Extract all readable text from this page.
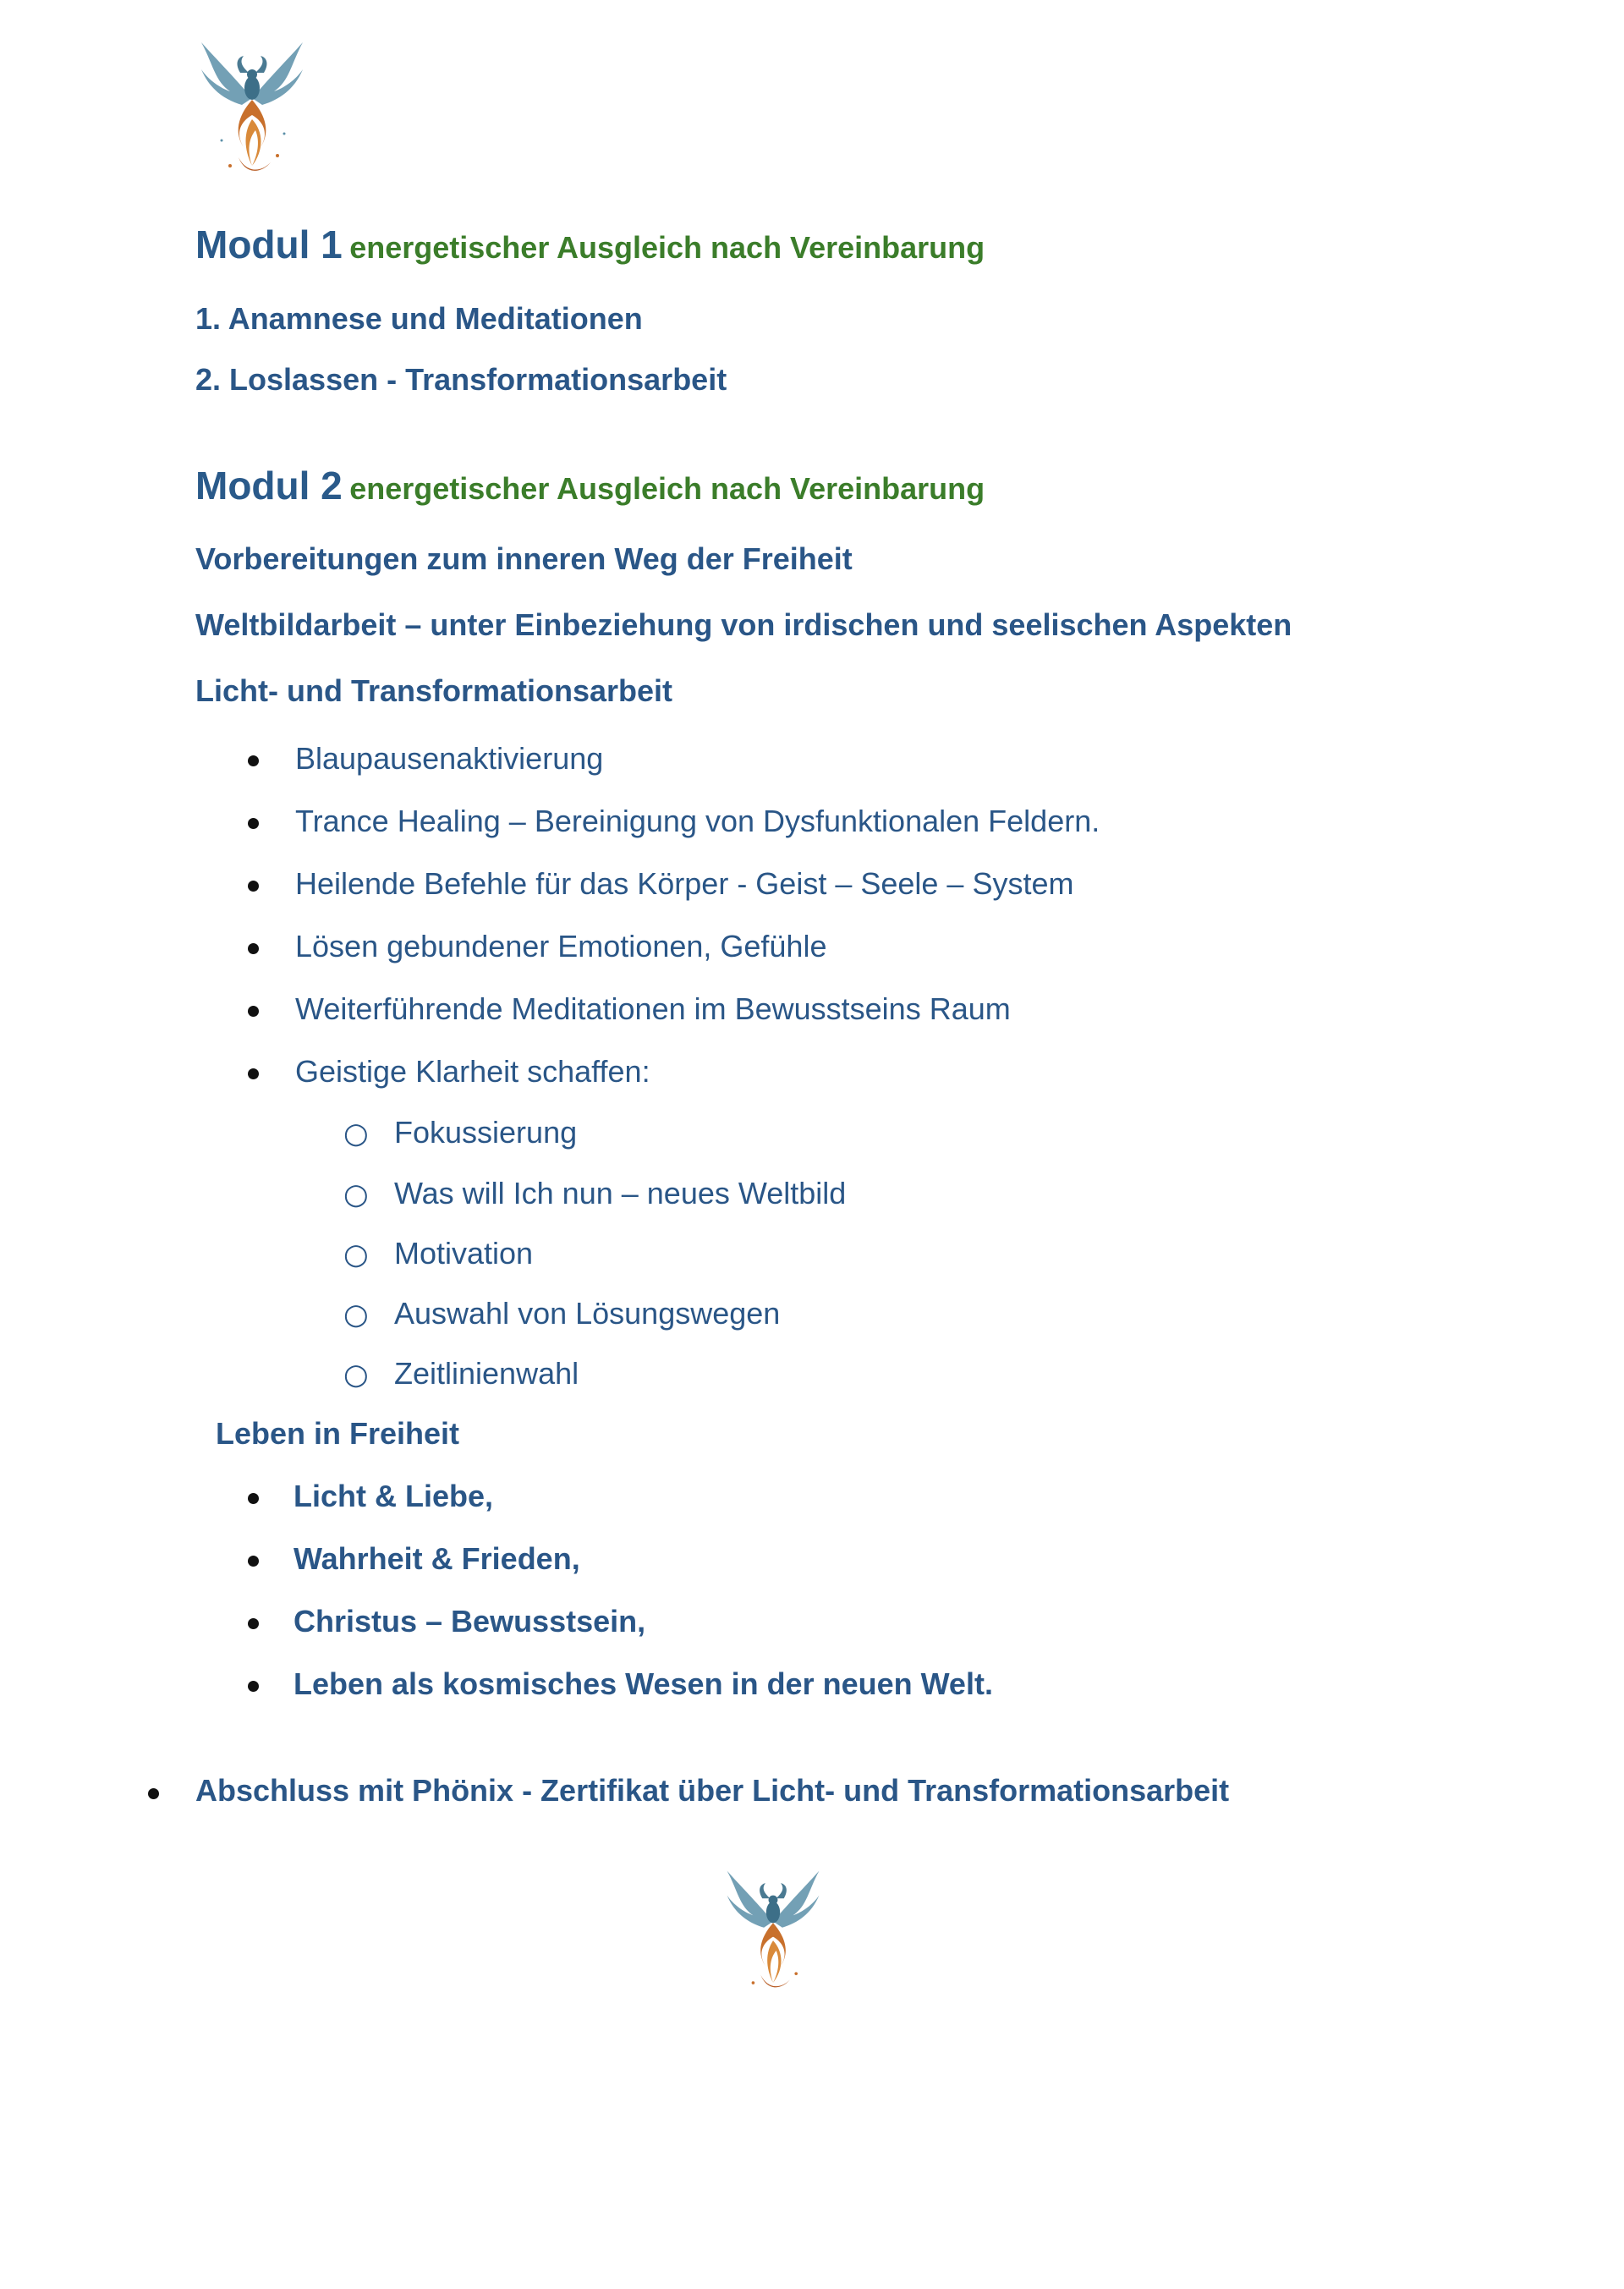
Modul 1 energetischer Ausgleich nach Vereinbarung
1. Anamnese und Meditationen
2. Loslassen - Transformationsarbeit
Modul 2 energetischer Ausgleich nach Vereinbarung
Vorbereitungen zum inneren Weg der Freiheit
Weltbildarbeit – unter Einbeziehung von irdischen und seelischen Aspekten
Licht- und Transformationsarbeit
Blaupausenaktivierung
Trance Healing – Bereinigung von Dysfunktionalen Feldern.
Heilende Befehle für das Körper - Geist – Seele – System
Lösen gebundener Emotionen, Gefühle
Weiterführende Meditationen im Bewusstseins Raum
Geistige Klarheit schaffen:
○ Fokussierung
○ Was will Ich nun – neues Weltbild
○ Motivation
○ Auswahl von Lösungswegen
○ Zeitlinienwahl
Leben in Freiheit
Licht & Liebe,
Wahrheit & Frieden,
Christus – Bewusstsein,
Leben als kosmisches Wesen in der neuen Welt.
Abschluss mit Phönix - Zertifikat über Licht- und Transformationsarbeit
